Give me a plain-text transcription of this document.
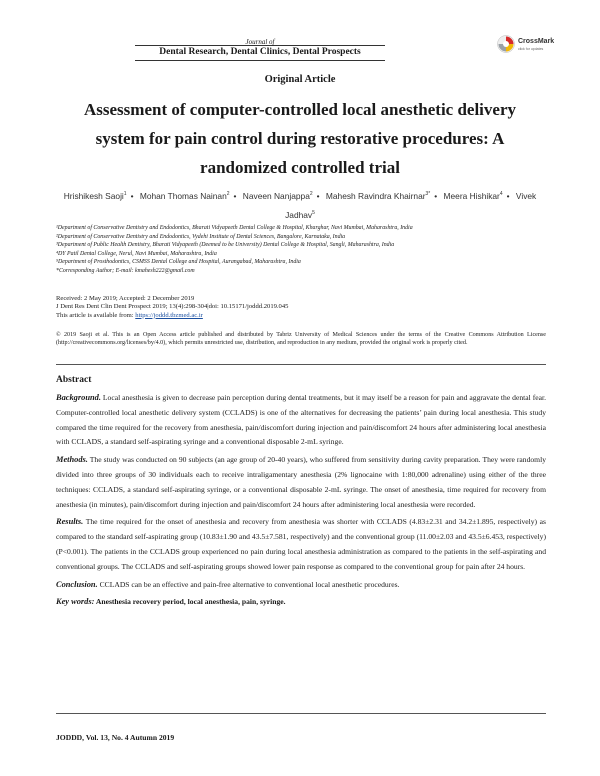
Journal of
Dental Research, Dental Clinics, Dental Prospects
CrossMark
click for updates
Original Article
Assessment of computer-controlled local anesthetic delivery system for pain control during restorative procedures: A randomized controlled trial
Hrishikesh Saoji$^1$ • Mohan Thomas Nainan$^2$ • Naveen Nanjappa$^2$ • Mahesh Ravindra Khairnar$^{3*}$ • Meera Hishikar$^4$ • Vivek Jadhav$^5$
¹Department of Conservative Dentistry and Endodontics, Bharati Vidyapeeth Dental College & Hospital, Kharghar, Navi Mumbai, Maharashtra, India
²Department of Conservative Dentistry and Endodontics, Vydehi Institute of Dental Sciences, Bangalore, Karnataka, India
³Department of Public Health Dentistry, Bharati Vidyapeeth (Deemed to be University) Dental College & Hospital, Sangli, Maharashtra, India
⁴DY Patil Dental College, Nerul, Navi Mumbai, Maharashtra, India
⁵Department of Prosthodontics, CSMSS Dental College and Hospital, Aurangabad, Maharashtra, India
*Corresponding Author; E-mail: kmahesh222@gmail.com
Received: 2 May 2019; Accepted: 2 December 2019
J Dent Res Dent Clin Dent Prospect 2019; 13(4):298-304|doi: 10.15171/joddd.2019.045
This article is available from: https://joddd.tbzmed.ac.ir
© 2019 Saoji et al. This is an Open Access article published and distributed by Tabriz University of Medical Sciences under the terms of the Creative Commons Attribution License (http://creativecommons.org/licenses/by/4.0), which permits unrestricted use, distribution, and reproduction in any medium, provided the original work is properly cited.
Abstract

Background. Local anesthesia is given to decrease pain perception during dental treatments, but it may itself be a reason for pain and aggravate the dental fear. Computer-controlled local anesthetic delivery system (CCLADS) is one of the alternatives for decreasing the patients’ pain during local anesthesia. This study compared the time required for the recovery from anesthesia, pain/discomfort during injection and pain/discomfort 24 hours after administering local anesthesia with CCLADS, a standard self-aspirating syringe and a conventional disposable 2-mL syringe.

Methods. The study was conducted on 90 subjects (an age group of 20-40 years), who suffered from sensitivity during cavity preparation. They were randomly divided into three groups of 30 individuals each to receive intraligamentary anesthesia (2% lignocaine with 1:80,000 adrenaline) using either of the three techniques: CCLADS, a standard self-aspirating syringe, or a conventional disposable 2-mL syringe. The onset of anesthesia, time required for recovery from anesthesia (in minutes), pain/discomfort during injection and pain/discomfort 24 hours after administering local anesthesia were recorded.

Results. The time required for the onset of anesthesia and recovery from anesthesia was shorter with CCLADS (4.83±2.31 and 34.2±1.895, respectively) as compared to the standard self-aspirating group (10.83±1.90 and 43.5±7.581, respectively) and the conventional group (11.00±2.03 and 43.5±6.453, respectively) (P<0.001). The patients in the CCLADS group experienced no pain during local anesthesia administration as compared to the patients in the self-aspirating and conventional groups. The CCLADS and self-aspirating groups showed lower pain response as compared to the conventional group for pain after 24 hours.

Conclusion. CCLADS can be an effective and pain-free alternative to conventional local anesthetic procedures.

Key words: Anesthesia recovery period, local anesthesia, pain, syringe.

JODDD, Vol. 13, No. 4 Autumn 2019
